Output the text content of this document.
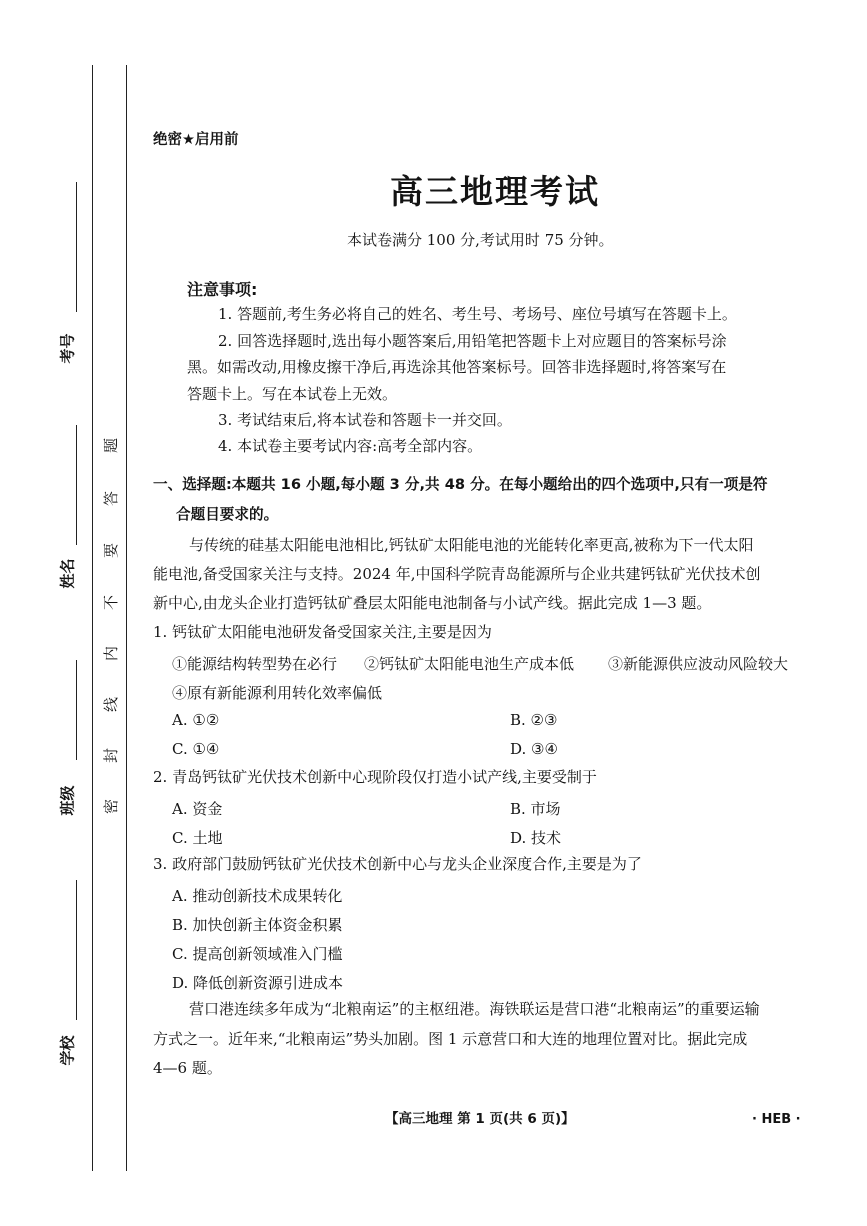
考号
姓名
班级
学校
题
答
要
不
内
线
封
密
绝密★启用前
高三地理考试
本试卷满分 100 分,考试用时 75 分钟。
注意事项:
1. 答题前,考生务必将自己的姓名、考生号、考场号、座位号填写在答题卡上。
2. 回答选择题时,选出每小题答案后,用铅笔把答题卡上对应题目的答案标号涂
黑。如需改动,用橡皮擦干净后,再选涂其他答案标号。回答非选择题时,将答案写在
答题卡上。写在本试卷上无效。
3. 考试结束后,将本试卷和答题卡一并交回。
4. 本试卷主要考试内容:高考全部内容。
一、选择题:本题共 16 小题,每小题 3 分,共 48 分。在每小题给出的四个选项中,只有一项是符
合题目要求的。
与传统的硅基太阳能电池相比,钙钛矿太阳能电池的光能转化率更高,被称为下一代太阳
能电池,备受国家关注与支持。2024 年,中国科学院青岛能源所与企业共建钙钛矿光伏技术创
新中心,由龙头企业打造钙钛矿叠层太阳能电池制备与小试产线。据此完成 1—3 题。
1. 钙钛矿太阳能电池研发备受国家关注,主要是因为
①能源结构转型势在必行 ②钙钛矿太阳能电池生产成本低 ③新能源供应波动风险较大
④原有新能源利用转化效率偏低
A. ①②	B. ②③
C. ①④	D. ③④
2. 青岛钙钛矿光伏技术创新中心现阶段仅打造小试产线,主要受制于
A. 资金	B. 市场
C. 土地	D. 技术
3. 政府部门鼓励钙钛矿光伏技术创新中心与龙头企业深度合作,主要是为了
A. 推动创新技术成果转化
B. 加快创新主体资金积累
C. 提高创新领域准入门槛
D. 降低创新资源引进成本
营口港连续多年成为“北粮南运”的主枢纽港。海铁联运是营口港“北粮南运”的重要运输
方式之一。近年来,“北粮南运”势头加剧。图 1 示意营口和大连的地理位置对比。据此完成
4—6 题。
【高三地理 第 1 页(共 6 页)】	· HEB ·
